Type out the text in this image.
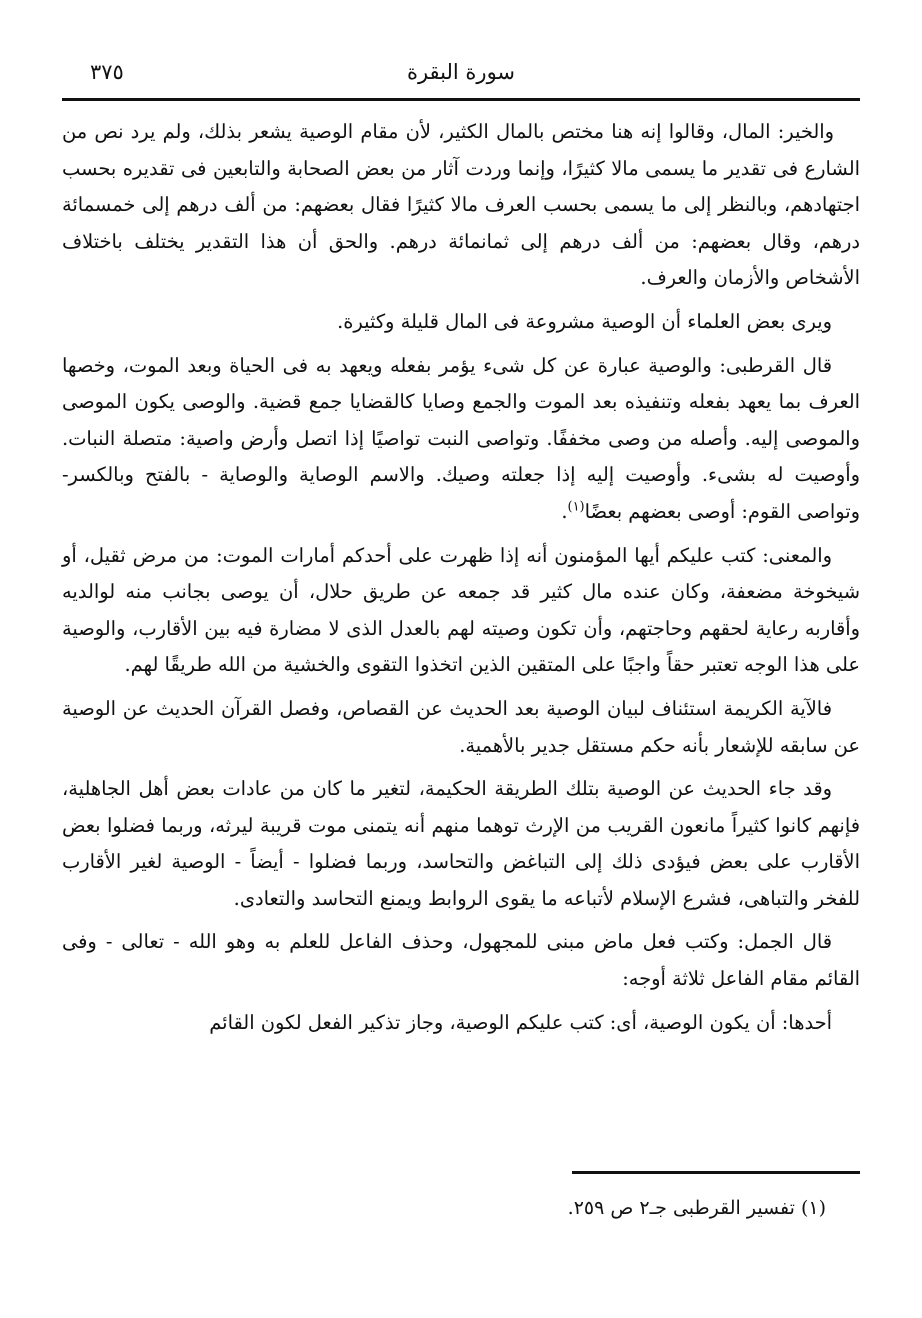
سورة البقرة
٣٧٥

والخير: المال، وقالوا إنه هنا مختص بالمال الكثير، لأن مقام الوصية يشعر بذلك، ولم يرد نص من الشارع فى تقدير ما يسمى مالا كثيرًا، وإنما وردت آثار من بعض الصحابة والتابعين فى تقديره بحسب اجتهادهم، وبالنظر إلى ما يسمى بحسب العرف مالا كثيرًا فقال بعضهم: من ألف درهم إلى خمسمائة درهم، وقال بعضهم: من ألف درهم إلى ثمانمائة درهم. والحق أن هذا التقدير يختلف باختلاف الأشخاص والأزمان والعرف.

ويرى بعض العلماء أن الوصية مشروعة فى المال قليلة وكثيرة.

قال القرطبى: والوصية عبارة عن كل شىء يؤمر بفعله ويعهد به فى الحياة وبعد الموت، وخصها العرف بما يعهد بفعله وتنفيذه بعد الموت والجمع وصايا كالقضايا جمع قضية. والوصى يكون الموصى والموصى إليه. وأصله من وصى مخففًا. وتواصى النبت تواصيًا إذا اتصل وأرض واصية: متصلة النبات. وأوصيت له بشىء. وأوصيت إليه إذا جعلته وصيك. والاسم الوصاية والوصاية - بالفتح وبالكسر- وتواصى القوم: أوصى بعضهم بعضًا$^{(١)}$.

والمعنى: كتب عليكم أيها المؤمنون أنه إذا ظهرت على أحدكم أمارات الموت: من مرض ثقيل، أو شيخوخة مضعفة، وكان عنده مال كثير قد جمعه عن طريق حلال، أن يوصى بجانب منه لوالديه وأقاربه رعاية لحقهم وحاجتهم، وأن تكون وصيته لهم بالعدل الذى لا مضارة فيه بين الأقارب، والوصية على هذا الوجه تعتبر حقاً واجبًا على المتقين الذين اتخذوا التقوى والخشية من الله طريقًا لهم.

فالآية الكريمة استئناف لبيان الوصية بعد الحديث عن القصاص، وفصل القرآن الحديث عن الوصية عن سابقه للإشعار بأنه حكم مستقل جدير بالأهمية.

وقد جاء الحديث عن الوصية بتلك الطريقة الحكيمة، لتغير ما كان من عادات بعض أهل الجاهلية، فإنهم كانوا كثيراً مانعون القريب من الإرث توهما منهم أنه يتمنى موت قريبة ليرثه، وربما فضلوا بعض الأقارب على بعض فيؤدى ذلك إلى التباغض والتحاسد، وربما فضلوا - أيضاً - الوصية لغير الأقارب للفخر والتباهى، فشرع الإسلام لأتباعه ما يقوى الروابط ويمنع التحاسد والتعادى.

قال الجمل: وكتب فعل ماض مبنى للمجهول، وحذف الفاعل للعلم به وهو الله - تعالى - وفى القائم مقام الفاعل ثلاثة أوجه:

أحدها: أن يكون الوصية، أى: كتب عليكم الوصية، وجاز تذكير الفعل لكون القائم

(١) تفسير القرطبى جـ٢ ص ٢٥٩.
